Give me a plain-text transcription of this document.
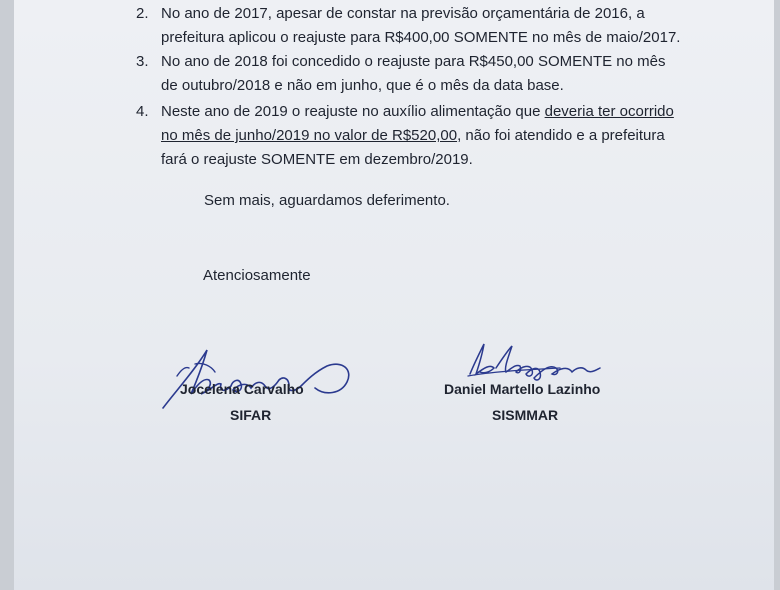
2. No ano de 2017, apesar de constar na previsão orçamentária de 2016, a
prefeitura aplicou o reajuste para R$400,00 SOMENTE no mês de maio/2017.
3. No ano de 2018 foi concedido o reajuste para R$450,00 SOMENTE no mês
de outubro/2018 e não em junho, que é o mês da data base.
4. Neste ano de 2019 o reajuste no auxílio alimentação que deveria ter ocorrido
no mês de junho/2019 no valor de R$520,00, não foi atendido e a prefeitura
fará o reajuste SOMENTE em dezembro/2019.
Sem mais, aguardamos deferimento.
Atenciosamente
Jocelena Carvalho
SIFAR
Daniel Martello Lazinho
SISMMAR
